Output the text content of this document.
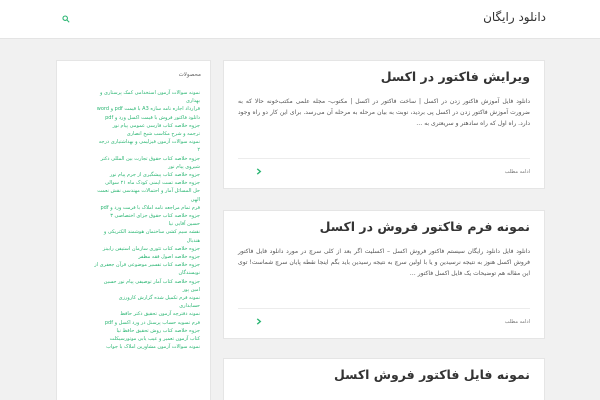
دانلود رایگان
محصولات
نمونه سوالات آزمون استخدامی کمک پرستاری و
بهداری
قرارداد اجاره نامه سازه A3 با قیمت pdf و word
دانلود فاکتور فروش با قیمت اکسل ورد و pdf
جزوه خلاصه کتاب فارسی عمومی پیام نور
ترجمه و شرح مکاسب شیخ انصاری
نمونه سوالات آزمون فیزلیمی و بهداشتیاری درجه
۲
جزوه خلاصه کتاب حقوق تجارت بین المللی دکتر
شیروی پیام نور
جزوه خلاصه کتاب پیشگیری از جرم پیام نور
جزوه خلاصه تست ایمنی کودک ماه ۲۱ سوالی
حل المسائل آمار و احتمالات مهندسی نقش نعمت
الهی
فرم تمام مراجعه نامه املاک با فرمت ورد و pdf
جزوه خلاصه کتاب حقوق جزای اختصاصی ۳
حسین آقایی نیا
نقشه سیم کشی ساختمان هوشمند الکتریکی و
هندبال
جزوه خلاصه کتاب تئوری سازمان استیفن رابینز
جزوه خلاصه اصول فقه مظفر
جزوه خلاصه کتاب تفسیر موضوعی قرآن جعفری از
نویسندگان
جزوه خلاصه کتاب آمار توصیفی پیام نور حسین
امین پور
نمونه فرم تکمیل شده گزارش کارورزی
حسابداری
نمونه دفترچه آزمون تحقیق دکتر حافظ
فرم تسویه حساب پرسنل در ورد اکسل و pdf
جزوه خلاصه کتاب روش تحقیق حافظ نیا
کتاب آزمون تعمیر و عیب یابی موتورسیکلت
نمونه سوالات آزمون مشاورین املاک با جواب
ویرایش فاکتور در اکسل

دانلود فایل آموزش فاکتور زدن در اکسل | ساخت فاکتور در اکسل | مکتوب- مجله علمی مکتب‌خونه حالا که به ضرورت آموزش فاکتور زدن در اکسل پی بردید، نوبت به بیان مرحله به مرحله آن می‌رسد. برای این کار دو راه وجود دارد. راه اول که راه سادهتر و سریعتری به …

ادامه مطلب
نمونه فرم فاکتور فروش در اکسل

دانلود فایل دانلود رایگان سیستم فاکتور فروش اکسل – اکسلیت اگر بعد از کلی سرچ در مورد دانلود فایل فاکتور فروش اکسل هنوز به نتیجه نرسیدین و یا با اولین سرچ به نتیجه رسیدین باید بگم اینجا نقطه پایان سرچ شماست! توی این مقاله هم توضیحات یک فایل اکسل فاکتور …

ادامه مطلب
نمونه فایل فاکتور فروش اکسل
